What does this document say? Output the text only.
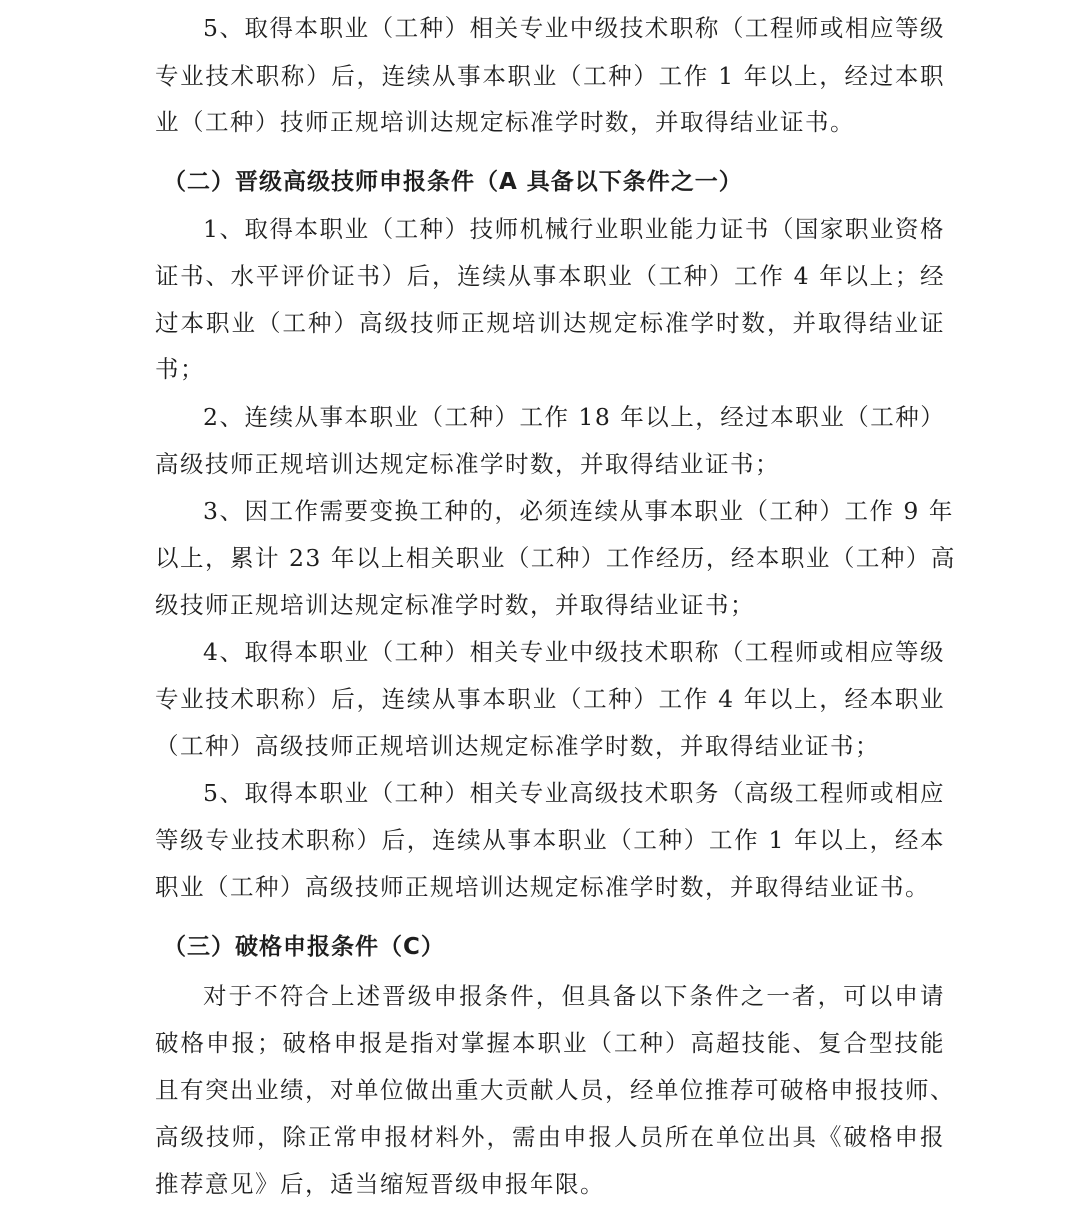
5、取得本职业（工种）相关专业中级技术职称（工程师或相应等级
专业技术职称）后，连续从事本职业（工种）工作 1 年以上，经过本职
业（工种）技师正规培训达规定标准学时数，并取得结业证书。
（二）晋级高级技师申报条件（A 具备以下条件之一）
1、取得本职业（工种）技师机械行业职业能力证书（国家职业资格
证书、水平评价证书）后，连续从事本职业（工种）工作 4 年以上；经
过本职业（工种）高级技师正规培训达规定标准学时数，并取得结业证
书；
2、连续从事本职业（工种）工作 18 年以上，经过本职业（工种）
高级技师正规培训达规定标准学时数，并取得结业证书；
3、因工作需要变换工种的，必须连续从事本职业（工种）工作 9 年
以上，累计 23 年以上相关职业（工种）工作经历，经本职业（工种）高
级技师正规培训达规定标准学时数，并取得结业证书；
4、取得本职业（工种）相关专业中级技术职称（工程师或相应等级
专业技术职称）后，连续从事本职业（工种）工作 4 年以上，经本职业
（工种）高级技师正规培训达规定标准学时数，并取得结业证书；
5、取得本职业（工种）相关专业高级技术职务（高级工程师或相应
等级专业技术职称）后，连续从事本职业（工种）工作 1 年以上，经本
职业（工种）高级技师正规培训达规定标准学时数，并取得结业证书。
（三）破格申报条件（C）
对于不符合上述晋级申报条件，但具备以下条件之一者，可以申请
破格申报；破格申报是指对掌握本职业（工种）高超技能、复合型技能
且有突出业绩，对单位做出重大贡献人员，经单位推荐可破格申报技师、
高级技师，除正常申报材料外，需由申报人员所在单位出具《破格申报
推荐意见》后，适当缩短晋级申报年限。
